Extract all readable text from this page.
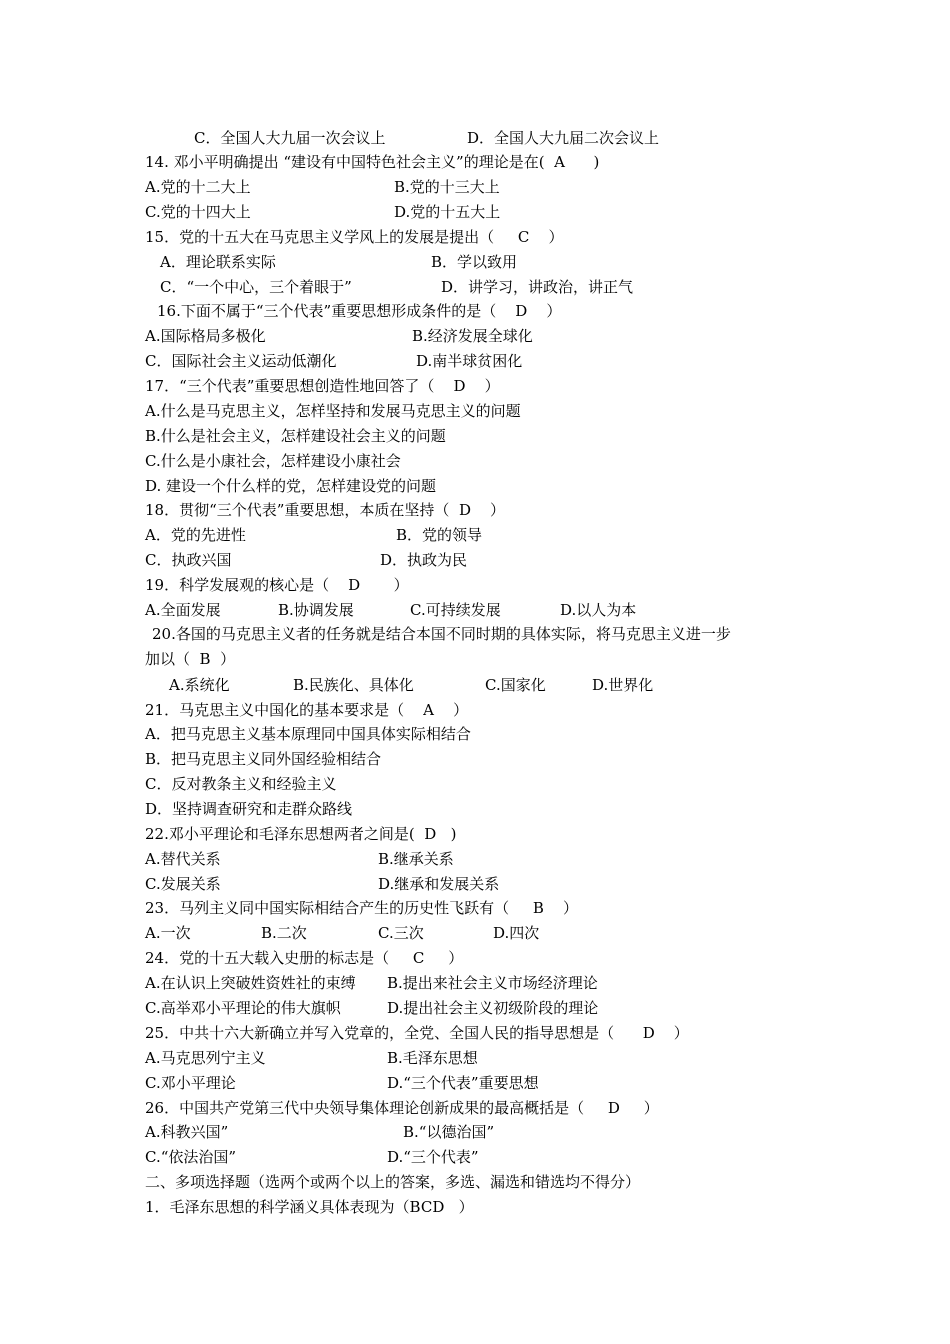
C．全国人大九届一次会议上	D．全国人大九届二次会议上
14. 邓小平明确提出 “建设有中国特色社会主义”的理论是在(  A      )
A.党的十二大上	B.党的十三大上
C.党的十四大上	D.党的十五大上
15．党的十五大在马克思主义学风上的发展是提出（     C    ）
A．理论联系实际	B．学以致用
C．“一个中心，三个着眼于”	D．讲学习，讲政治，讲正气
16.下面不属于“三个代表”重要思想形成条件的是（    D    ）
A.国际格局多极化	B.经济发展全球化
C．国际社会主义运动低潮化	D.南半球贫困化
17．“三个代表”重要思想创造性地回答了（    D    ）
A.什么是马克思主义，怎样坚持和发展马克思主义的问题
B.什么是社会主义，怎样建设社会主义的问题
C.什么是小康社会，怎样建设小康社会
D. 建设一个什么样的党，怎样建设党的问题
18．贯彻“三个代表”重要思想，本质在坚持（  D    ）
A．党的先进性	B．党的领导
C．执政兴国	D．执政为民
19．科学发展观的核心是（    D       ）
A.全面发展	B.协调发展	C.可持续发展	D.以人为本
20.各国的马克思主义者的任务就是结合本国不同时期的具体实际，将马克思主义进一步
加以（  B  ）
A.系统化	B.民族化、具体化	C.国家化	D.世界化
21．马克思主义中国化的基本要求是（    A    ）
A．把马克思主义基本原理同中国具体实际相结合
B．把马克思主义同外国经验相结合
C．反对教条主义和经验主义
D．坚持调查研究和走群众路线
22.邓小平理论和毛泽东思想两者之间是(  D   )
A.替代关系	B.继承关系
C.发展关系	D.继承和发展关系
23．马列主义同中国实际相结合产生的历史性飞跃有（     B    ）
A.一次	B.二次	C.三次	D.四次
24．党的十五大载入史册的标志是（     C     ）
A.在认识上突破姓资姓社的束缚 B.提出来社会主义市场经济理论
C.高举邓小平理论的伟大旗帜	D.提出社会主义初级阶段的理论
25．中共十六大新确立并写入党章的，全党、全国人民的指导思想是（      D    ）
A.马克思列宁主义	B.毛泽东思想
C.邓小平理论	D.“三个代表”重要思想
26．中国共产党第三代中央领导集体理论创新成果的最高概括是（     D     ）
A.科教兴国”	B.“以德治国”
C.“依法治国”	D.“三个代表”
二、多项选择题（选两个或两个以上的答案，多选、漏选和错选均不得分）
1．毛泽东思想的科学涵义具体表现为（BCD   ）
